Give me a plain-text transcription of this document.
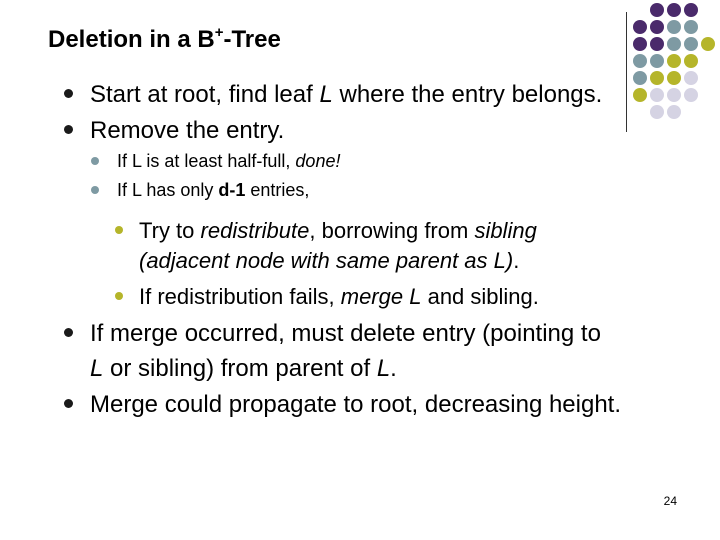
Deletion in a B+-Tree
Start at root, find leaf L where the entry belongs.
Remove the entry.
If L is at least half-full, done!
If L has only d-1 entries,
Try to redistribute, borrowing from sibling
(adjacent node with same parent as L).
If redistribution fails, merge L and sibling.
If merge occurred, must delete entry (pointing to
L or sibling) from parent of L.
Merge could propagate to root, decreasing height.
24
